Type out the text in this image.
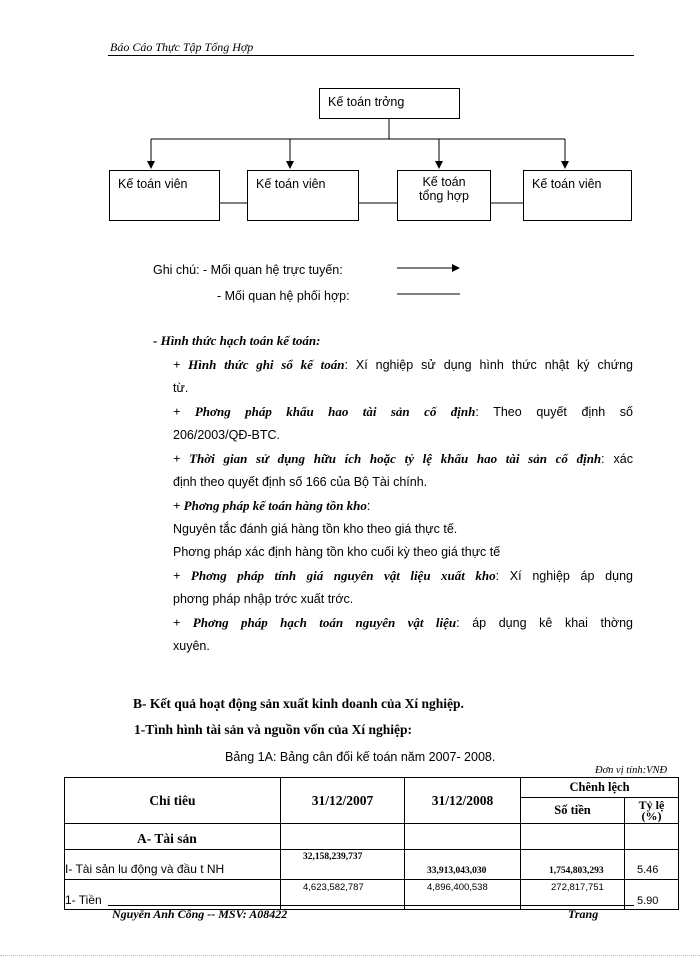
Báo Cáo Thực Tập Tổng Hợp
Kế toán trởng
Kế toán viên	Kế toán viên	Kế toán
tổng hợp
Kế toán viên
Ghi chú: - Mối quan hệ trực tuyến:
- Mối quan hệ phối hợp:
- Hình thức hạch toán kế toán:
+ Hình thức ghi sổ kế toán: Xí nghiệp sử dụng hình thức nhật ký chứng
từ.
+ Phơng pháp khấu hao tài sản cố định: Theo quyết định số
206/2003/QĐ-BTC.
+ Thời gian sử dụng hữu ích hoặc tỷ lệ khấu hao tài sản cố định: xác
định theo quyết định số 166 của Bộ Tài chính.
+ Phơng pháp kế toán hàng tồn kho:
Nguyên tắc đánh giá hàng tồn kho theo giá thực tế.
Phơng pháp xác định hàng tồn kho cuối kỳ theo giá thực tế
+ Phơng pháp tính giá nguyên vật liệu xuất kho: Xí nghiệp áp dụng
phơng pháp nhập trớc xuất trớc.
+ Phơng pháp hạch toán nguyên vật liệu: áp dụng kê khai thờng
xuyên.
B- Kết quả hoạt động sản xuất kinh doanh của Xí nghiệp.
1-Tình hình tài sản và nguồn vốn của Xí nghiệp:
Bảng 1A: Bảng cân đối kế toán năm 2007- 2008.
Đơn vị tính:VNĐ
Chỉ tiêu	31/12/2007	31/12/2008	Chênh lệch	
			Số tiền	Tỷ lệ
(%)

A- Tài sản				
I- Tài sản lu động và đầu t NH	32,158,239,737	33,913,043,030	1,754,803,293	5.46
1- Tiền	4,623,582,787	4,896,400,538	272,817,751	5.90
Nguyễn Anh Công -- MSV: A08422	Trang
